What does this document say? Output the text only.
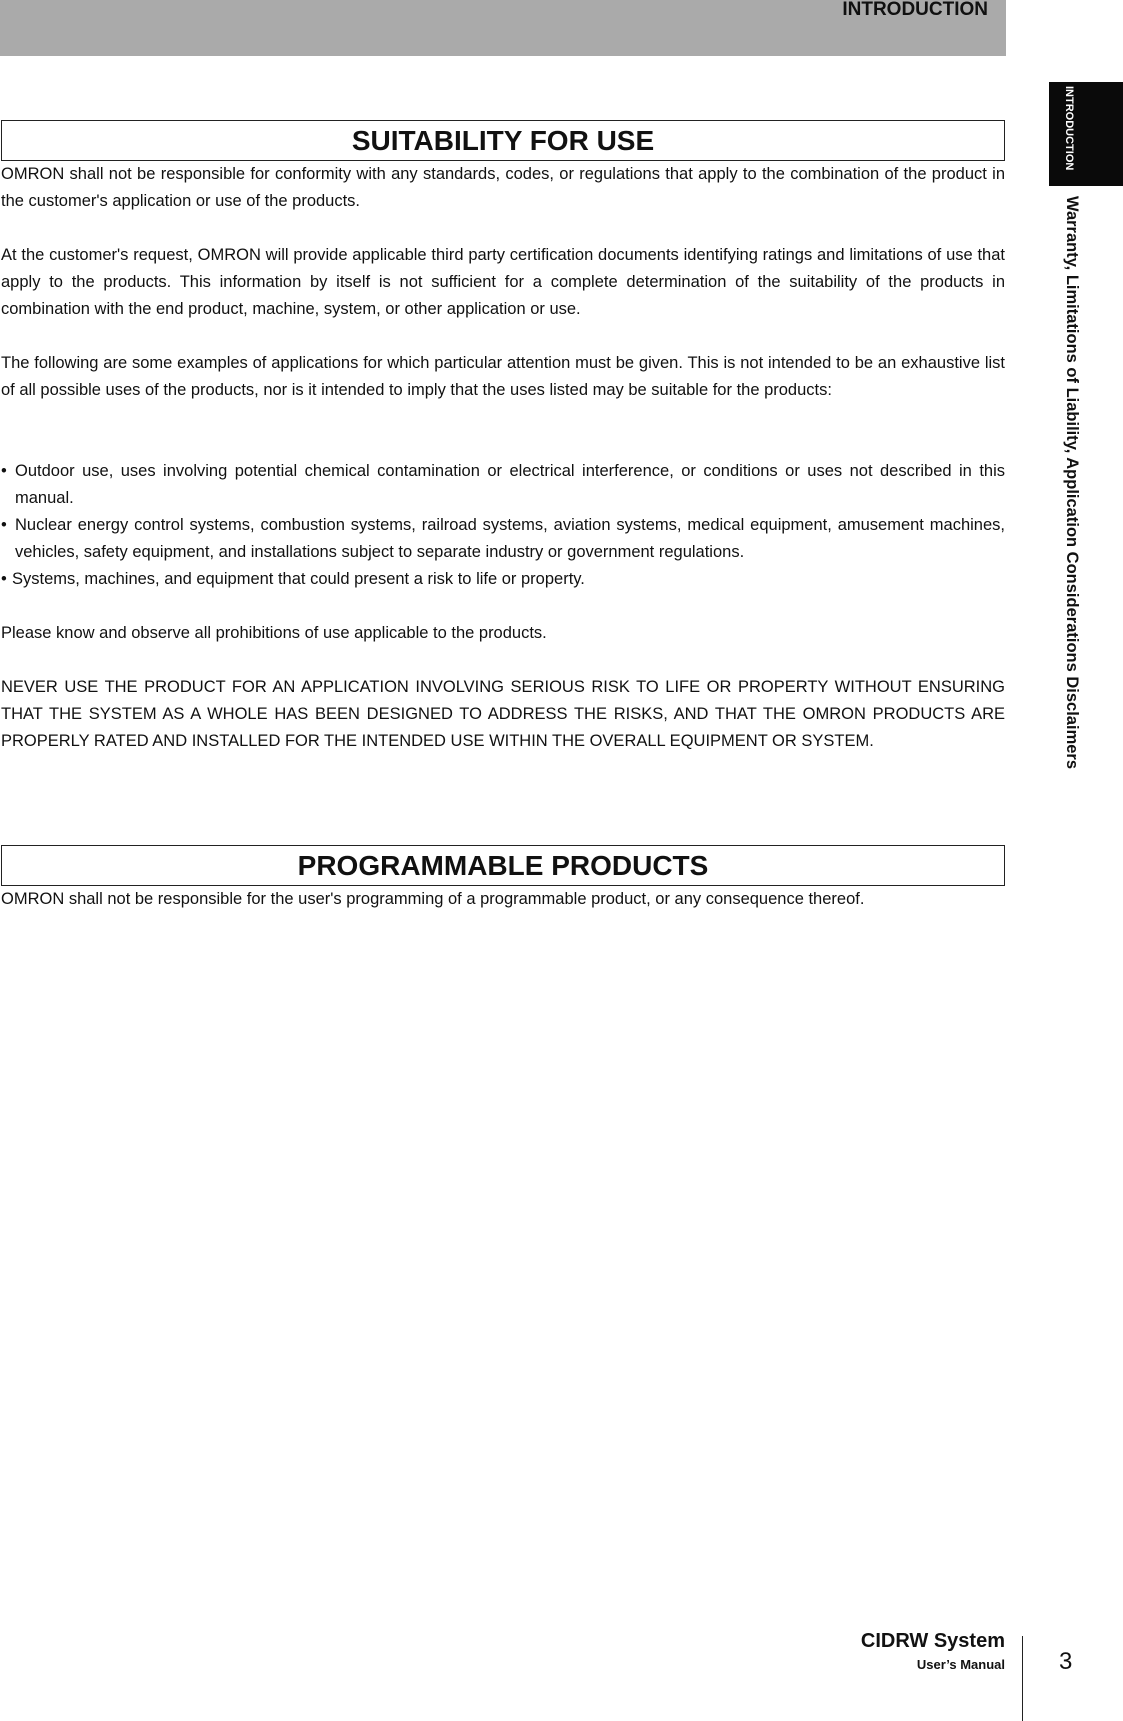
INTRODUCTION
INTRODUCTION
Warranty, Limitations of Liability, Application Considerations Disclaimers
SUITABILITY FOR USE

OMRON shall not be responsible for conformity with any standards, codes, or regulations that apply to the combination of the product in the customer's application or use of the products.

At the customer's request, OMRON will provide applicable third party certification documents identifying ratings and limitations of use that apply to the products. This information by itself is not sufficient for a complete determination of the suitability of the products in combination with the end product, machine, system, or other application or use.

The following are some examples of applications for which particular attention must be given. This is not intended to be an exhaustive list of all possible uses of the products, nor is it intended to imply that the uses listed may be suitable for the products:

• Outdoor use, uses involving potential chemical contamination or electrical interference, or conditions or uses not described in this manual.

• Nuclear energy control systems, combustion systems, railroad systems, aviation systems, medical equipment, amusement machines, vehicles, safety equipment, and installations subject to separate industry or government regulations.

• Systems, machines, and equipment that could present a risk to life or property.

Please know and observe all prohibitions of use applicable to the products.

NEVER USE THE PRODUCT FOR AN APPLICATION INVOLVING SERIOUS RISK TO LIFE OR PROPERTY WITHOUT ENSURING THAT THE SYSTEM AS A WHOLE HAS BEEN DESIGNED TO ADDRESS THE RISKS, AND THAT THE OMRON PRODUCTS ARE PROPERLY RATED AND INSTALLED FOR THE INTENDED USE WITHIN THE OVERALL EQUIPMENT OR SYSTEM.

PROGRAMMABLE PRODUCTS

OMRON shall not be responsible for the user's programming of a programmable product, or any consequence thereof.

CIDRW System
User’s Manual 3
